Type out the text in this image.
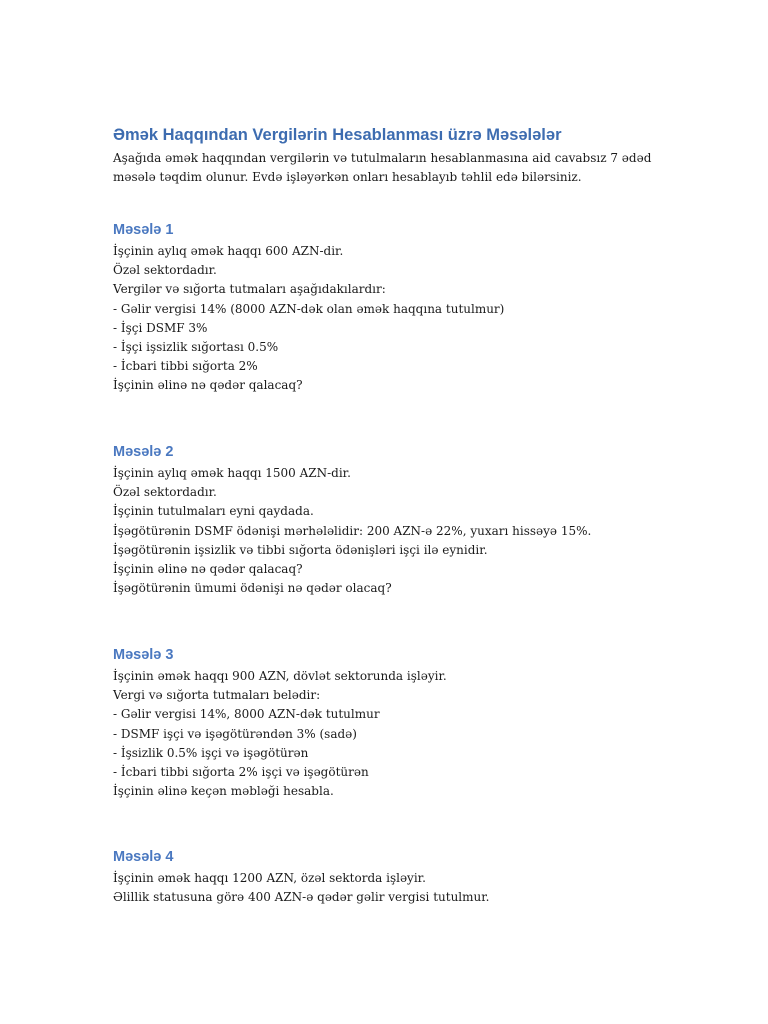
Əmək Haqqından Vergilərin Hesablanması üzrə Məsələlər
Aşağıda əmək haqqından vergilərin və tutulmaların hesablanmasına aid cavabsız 7 ədəd
məsələ təqdim olunur. Evdə işləyərkən onları hesablayıb təhlil edə bilərsiniz.
Məsələ 1
İşçinin aylıq əmək haqqı 600 AZN-dir.
Özəl sektordadır.
Vergilər və sığorta tutmaları aşağıdakılardır:
- Gəlir vergisi 14% (8000 AZN-dək olan əmək haqqına tutulmur)
- İşçi DSMF 3%
- İşçi işsizlik sığortası 0.5%
- İcbari tibbi sığorta 2%
İşçinin əlinə nə qədər qalacaq?
Məsələ 2
İşçinin aylıq əmək haqqı 1500 AZN-dir.
Özəl sektordadır.
İşçinin tutulmaları eyni qaydada.
İşəgötürənin DSMF ödənişi mərhələlidir: 200 AZN-ə 22%, yuxarı hissəyə 15%.
İşəgötürənin işsizlik və tibbi sığorta ödənişləri işçi ilə eynidir.
İşçinin əlinə nə qədər qalacaq?
İşəgötürənin ümumi ödənişi nə qədər olacaq?
Məsələ 3
İşçinin əmək haqqı 900 AZN, dövlət sektorunda işləyir.
Vergi və sığorta tutmaları belədir:
- Gəlir vergisi 14%, 8000 AZN-dək tutulmur
- DSMF işçi və işəgötürəndən 3% (sadə)
- İşsizlik 0.5% işçi və işəgötürən
- İcbari tibbi sığorta 2% işçi və işəgötürən
İşçinin əlinə keçən məbləği hesabla.
Məsələ 4
İşçinin əmək haqqı 1200 AZN, özəl sektorda işləyir.
Əlillik statusuna görə 400 AZN-ə qədər gəlir vergisi tutulmur.
